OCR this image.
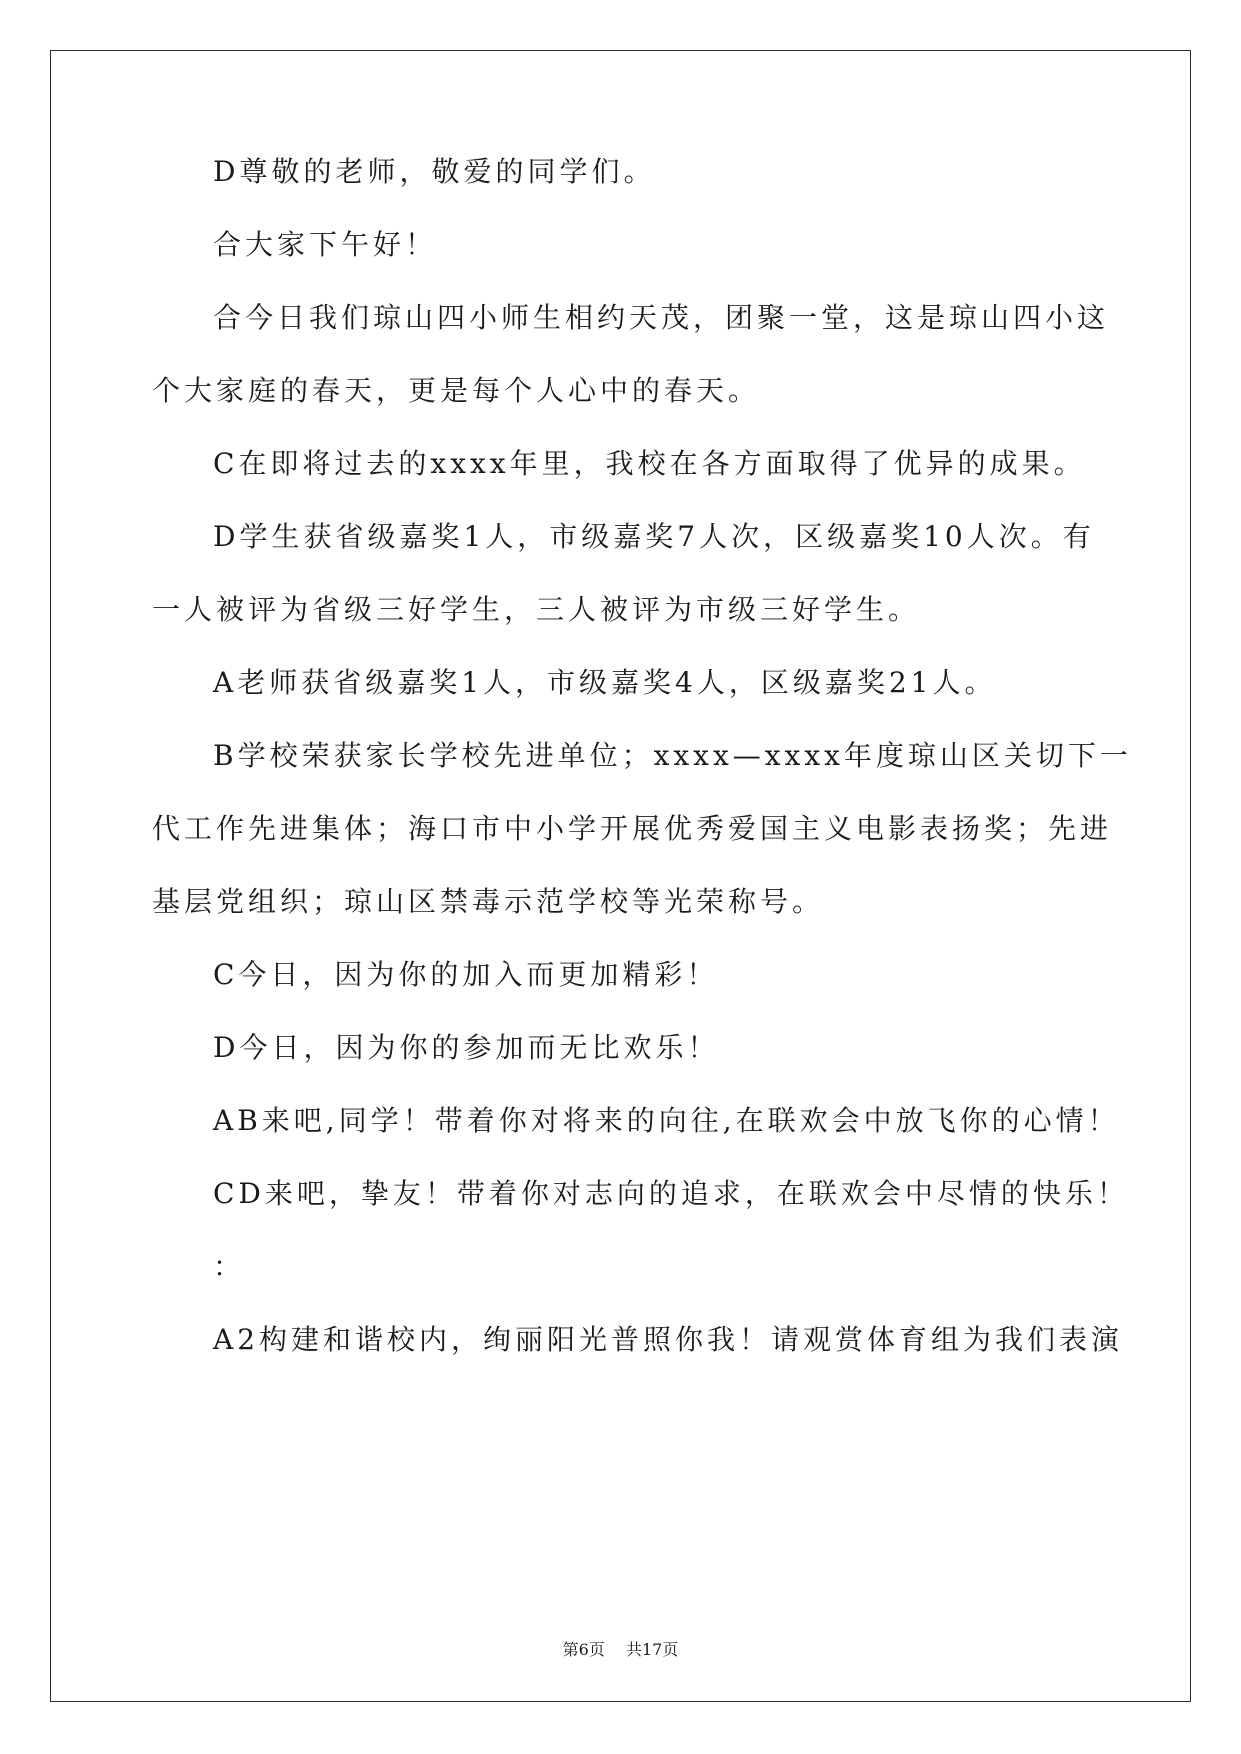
D尊敬的老师，敬爱的同学们。
合大家下午好！
合今日我们琼山四小师生相约天茂，团聚一堂，这是琼山四小这
个大家庭的春天，更是每个人心中的春天。
C在即将过去的xxxx年里，我校在各方面取得了优异的成果。
D学生获省级嘉奖1人，市级嘉奖7人次，区级嘉奖10人次。有
一人被评为省级三好学生，三人被评为市级三好学生。
A老师获省级嘉奖1人，市级嘉奖4人，区级嘉奖21人。
B学校荣获家长学校先进单位；xxxx—xxxx年度琼山区关切下一
代工作先进集体；海口市中小学开展优秀爱国主义电影表扬奖；先进
基层党组织；琼山区禁毒示范学校等光荣称号。
C今日，因为你的加入而更加精彩！
D今日，因为你的参加而无比欢乐！
AB来吧,同学！带着你对将来的向往,在联欢会中放飞你的心情！
CD来吧，挚友！带着你对志向的追求，在联欢会中尽情的快乐！
：
A2构建和谐校内，绚丽阳光普照你我！请观赏体育组为我们表演
第6页 共17页
